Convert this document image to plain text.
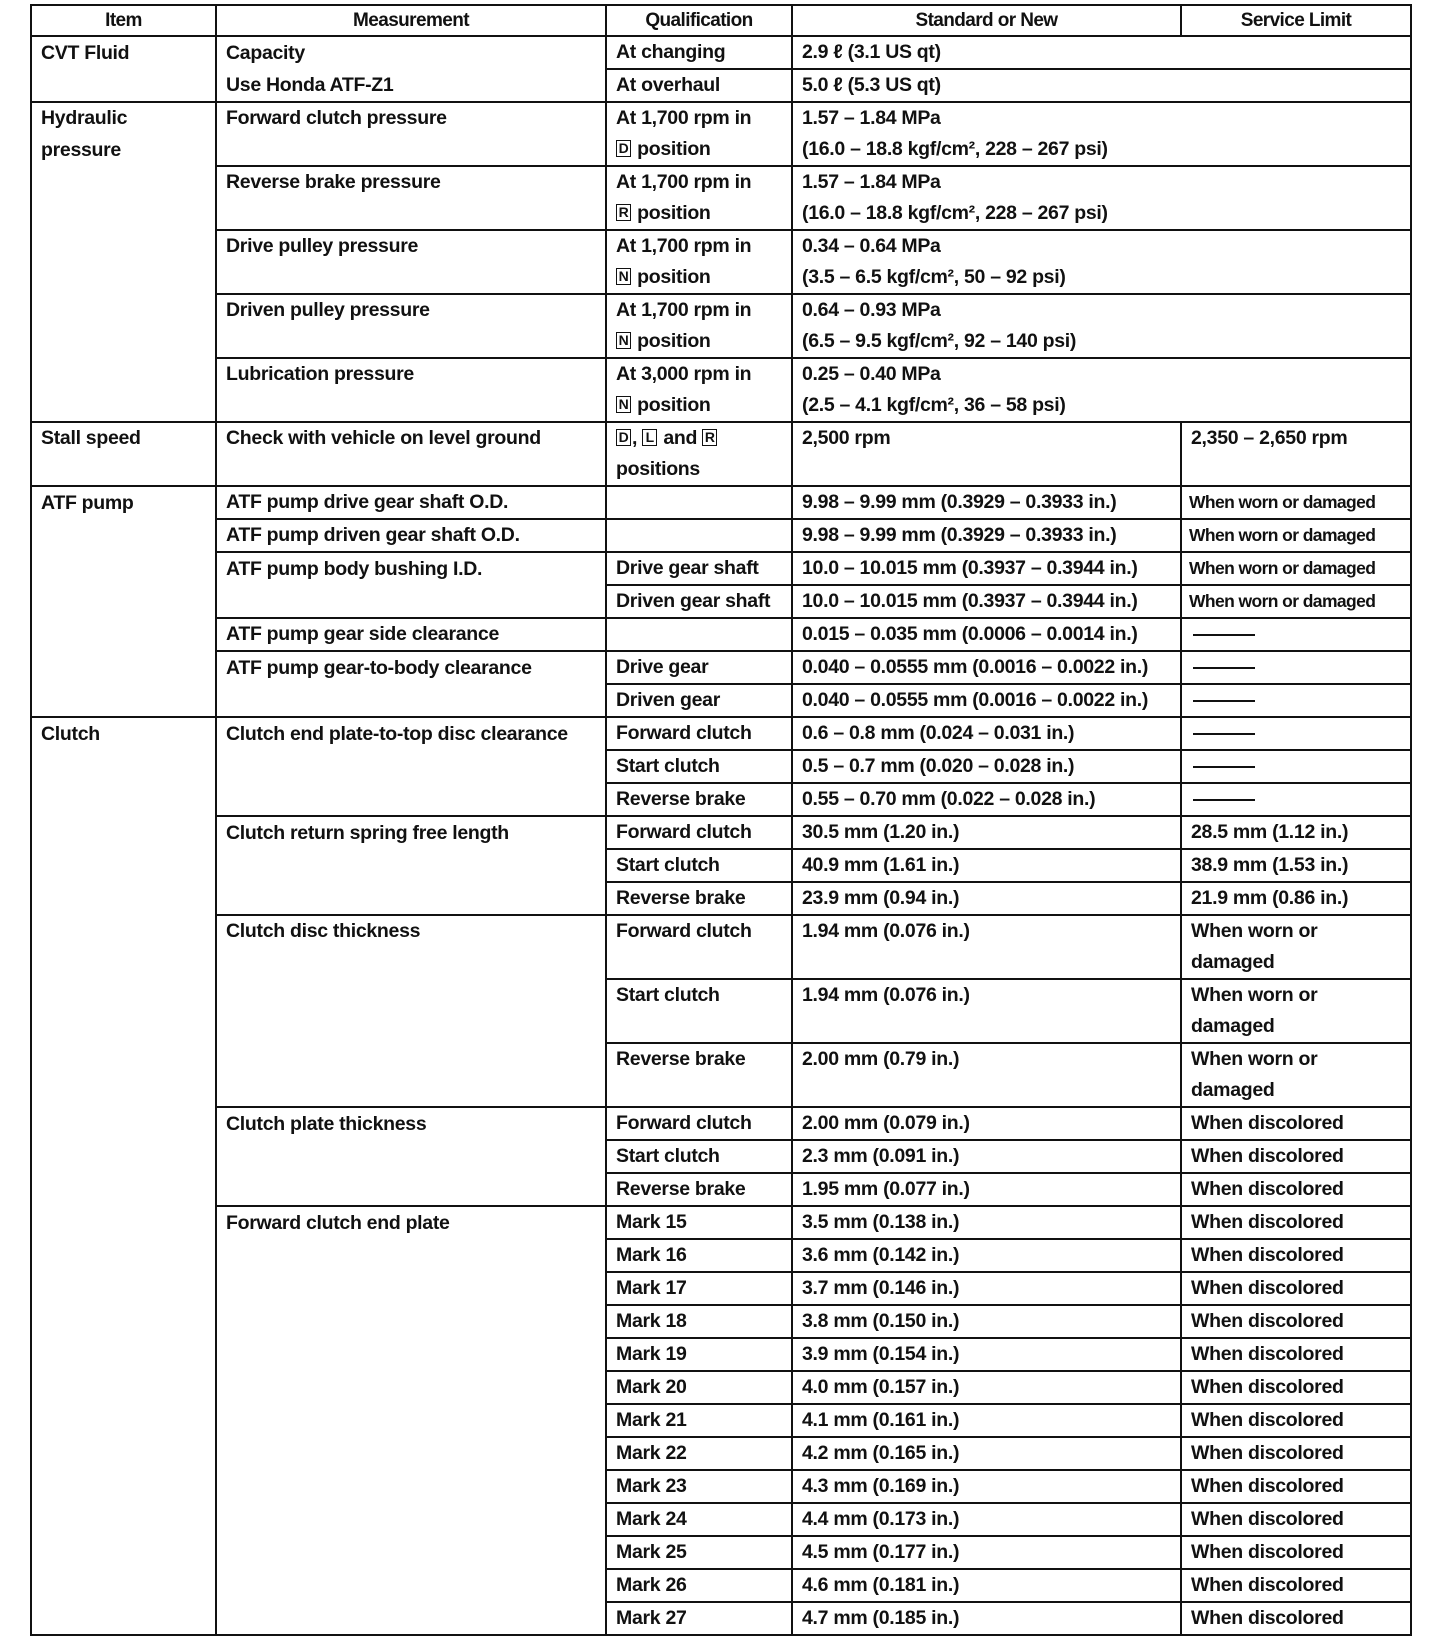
Item	Measurement	Qualification	Standard or New	Service Limit
CVT Fluid	Capacity	At changing	2.9 ℓ (3.1 US qt)	
	Use Honda ATF-Z1	At overhaul	5.0 ℓ (5.3 US qt)	
Hydraulic	Forward clutch pressure	At 1,700 rpm in	1.57 – 1.84 MPa	
pressure		D position	(16.0 – 18.8 kgf/cm², 228 – 267 psi)	
	Reverse brake pressure	At 1,700 rpm in	1.57 – 1.84 MPa	
		R position	(16.0 – 18.8 kgf/cm², 228 – 267 psi)	
	Drive pulley pressure	At 1,700 rpm in	0.34 – 0.64 MPa	
		N position	(3.5 – 6.5 kgf/cm², 50 – 92 psi)	
	Driven pulley pressure	At 1,700 rpm in	0.64 – 0.93 MPa	
		N position	(6.5 – 9.5 kgf/cm², 92 – 140 psi)	
	Lubrication pressure	At 3,000 rpm in	0.25 – 0.40 MPa	
		N position	(2.5 – 4.1 kgf/cm², 36 – 58 psi)	
Stall speed	Check with vehicle on level ground	D , L and R	2,500 rpm	2,350 – 2,650 rpm
		positions		
ATF pump	ATF pump drive gear shaft O.D.		9.98 – 9.99 mm (0.3929 – 0.3933 in.)	When worn or damaged
	ATF pump driven gear shaft O.D.		9.98 – 9.99 mm (0.3929 – 0.3933 in.)	When worn or damaged
	ATF pump body bushing I.D.	Drive gear shaft	10.0 – 10.015 mm (0.3937 – 0.3944 in.)	When worn or damaged
		Driven gear shaft	10.0 – 10.015 mm (0.3937 – 0.3944 in.)	When worn or damaged
	ATF pump gear side clearance		0.015 – 0.035 mm (0.0006 – 0.0014 in.)	
	ATF pump gear-to-body clearance	Drive gear	0.040 – 0.0555 mm (0.0016 – 0.0022 in.)	
		Driven gear	0.040 – 0.0555 mm (0.0016 – 0.0022 in.)	
Clutch	Clutch end plate-to-top disc clearance	Forward clutch	0.6 – 0.8 mm (0.024 – 0.031 in.)	
		Start clutch	0.5 – 0.7 mm (0.020 – 0.028 in.)	
		Reverse brake	0.55 – 0.70 mm (0.022 – 0.028 in.)	
	Clutch return spring free length	Forward clutch	30.5 mm (1.20 in.)	28.5 mm (1.12 in.)
		Start clutch	40.9 mm (1.61 in.)	38.9 mm (1.53 in.)
		Reverse brake	23.9 mm (0.94 in.)	21.9 mm (0.86 in.)
	Clutch disc thickness	Forward clutch	1.94 mm (0.076 in.)	When worn or
				damaged
		Start clutch	1.94 mm (0.076 in.)	When worn or
				damaged
		Reverse brake	2.00 mm (0.79 in.)	When worn or
				damaged
	Clutch plate thickness	Forward clutch	2.00 mm (0.079 in.)	When discolored
		Start clutch	2.3 mm (0.091 in.)	When discolored
		Reverse brake	1.95 mm (0.077 in.)	When discolored
	Forward clutch end plate	Mark 15	3.5 mm (0.138 in.)	When discolored
		Mark 16	3.6 mm (0.142 in.)	When discolored
		Mark 17	3.7 mm (0.146 in.)	When discolored
		Mark 18	3.8 mm (0.150 in.)	When discolored
		Mark 19	3.9 mm (0.154 in.)	When discolored
		Mark 20	4.0 mm (0.157 in.)	When discolored
		Mark 21	4.1 mm (0.161 in.)	When discolored
		Mark 22	4.2 mm (0.165 in.)	When discolored
		Mark 23	4.3 mm (0.169 in.)	When discolored
		Mark 24	4.4 mm (0.173 in.)	When discolored
		Mark 25	4.5 mm (0.177 in.)	When discolored
		Mark 26	4.6 mm (0.181 in.)	When discolored
		Mark 27	4.7 mm (0.185 in.)	When discolored
